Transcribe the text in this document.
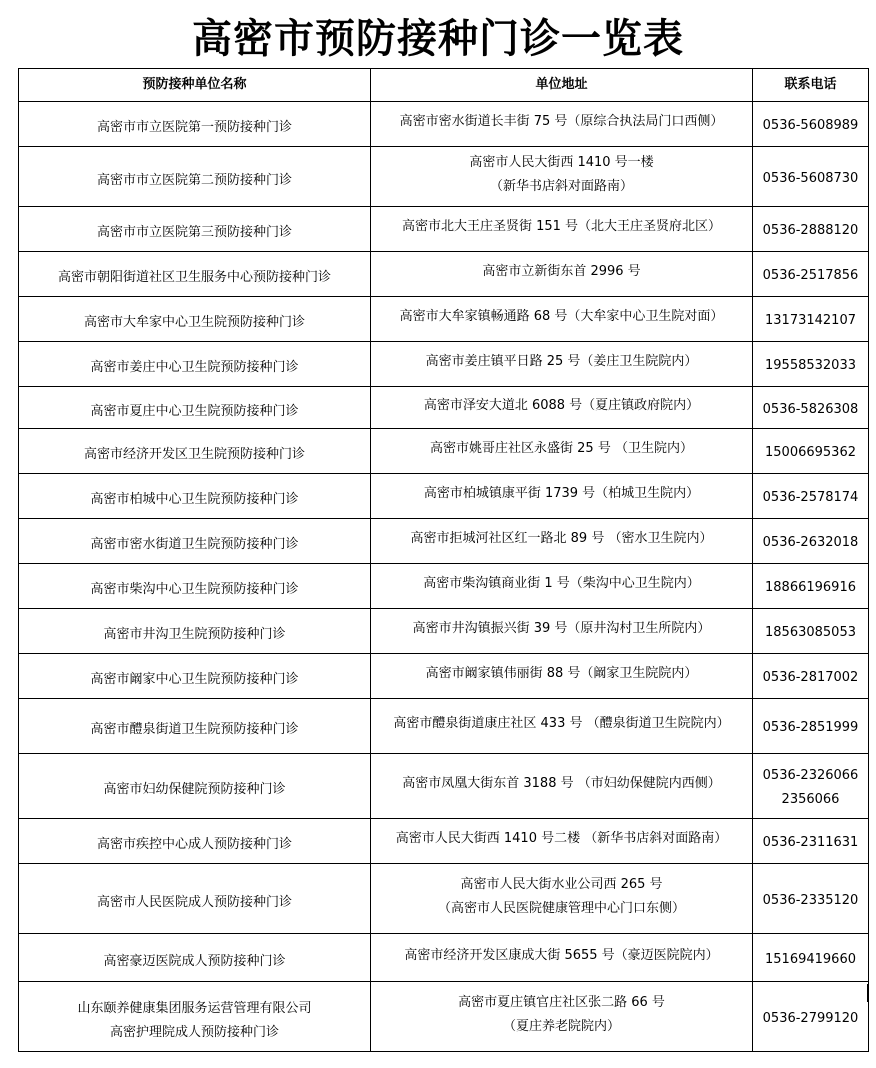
高密市预防接种门诊一览表
预防接种单位名称	单位地址	联系电话

高密市市立医院第一预防接种门诊	高密市密水街道长丰街 75 号（原综合执法局门口西侧）	0536-5608989

高密市市立医院第二预防接种门诊	高密市人民大街西 1410 号一楼
（新华书店斜对面路南）	0536-5608730

高密市市立医院第三预防接种门诊	高密市北大王庄圣贤街 151 号（北大王庄圣贤府北区）	0536-2888120

高密市朝阳街道社区卫生服务中心预防接种门诊	高密市立新街东首 2996 号	0536-2517856

高密市大牟家中心卫生院预防接种门诊	高密市大牟家镇畅通路 68 号（大牟家中心卫生院对面）	13173142107

高密市姜庄中心卫生院预防接种门诊	高密市姜庄镇平日路 25 号（姜庄卫生院院内）	19558532033

高密市夏庄中心卫生院预防接种门诊	高密市泽安大道北 6088 号（夏庄镇政府院内）	0536-5826308

高密市经济开发区卫生院预防接种门诊	高密市姚哥庄社区永盛街 25 号 （卫生院内）	15006695362

高密市柏城中心卫生院预防接种门诊	高密市柏城镇康平街 1739 号（柏城卫生院内）	0536-2578174

高密市密水街道卫生院预防接种门诊	高密市拒城河社区红一路北 89 号 （密水卫生院内）	0536-2632018

高密市柴沟中心卫生院预防接种门诊	高密市柴沟镇商业街 1 号（柴沟中心卫生院内）	18866196916

高密市井沟卫生院预防接种门诊	高密市井沟镇振兴街 39 号（原井沟村卫生所院内）	18563085053

高密市阚家中心卫生院预防接种门诊	高密市阚家镇伟丽街 88 号（阚家卫生院院内）	0536-2817002

高密市醴泉街道卫生院预防接种门诊	高密市醴泉街道康庄社区 433 号 （醴泉街道卫生院院内）	0536-2851999

高密市妇幼保健院预防接种门诊	高密市凤凰大街东首 3188 号 （市妇幼保健院内西侧）	0536-2326066
2356066

高密市疾控中心成人预防接种门诊	高密市人民大街西 1410 号二楼 （新华书店斜对面路南）	0536-2311631

高密市人民医院成人预防接种门诊	高密市人民大街水业公司西 265 号
（高密市人民医院健康管理中心门口东侧）	0536-2335120

高密豪迈医院成人预防接种门诊	高密市经济开发区康成大街 5655 号（豪迈医院院内）	15169419660

山东颐养健康集团服务运营管理有限公司
高密护理院成人预防接种门诊	高密市夏庄镇官庄社区张二路 66 号
（夏庄养老院院内）	0536-2799120
